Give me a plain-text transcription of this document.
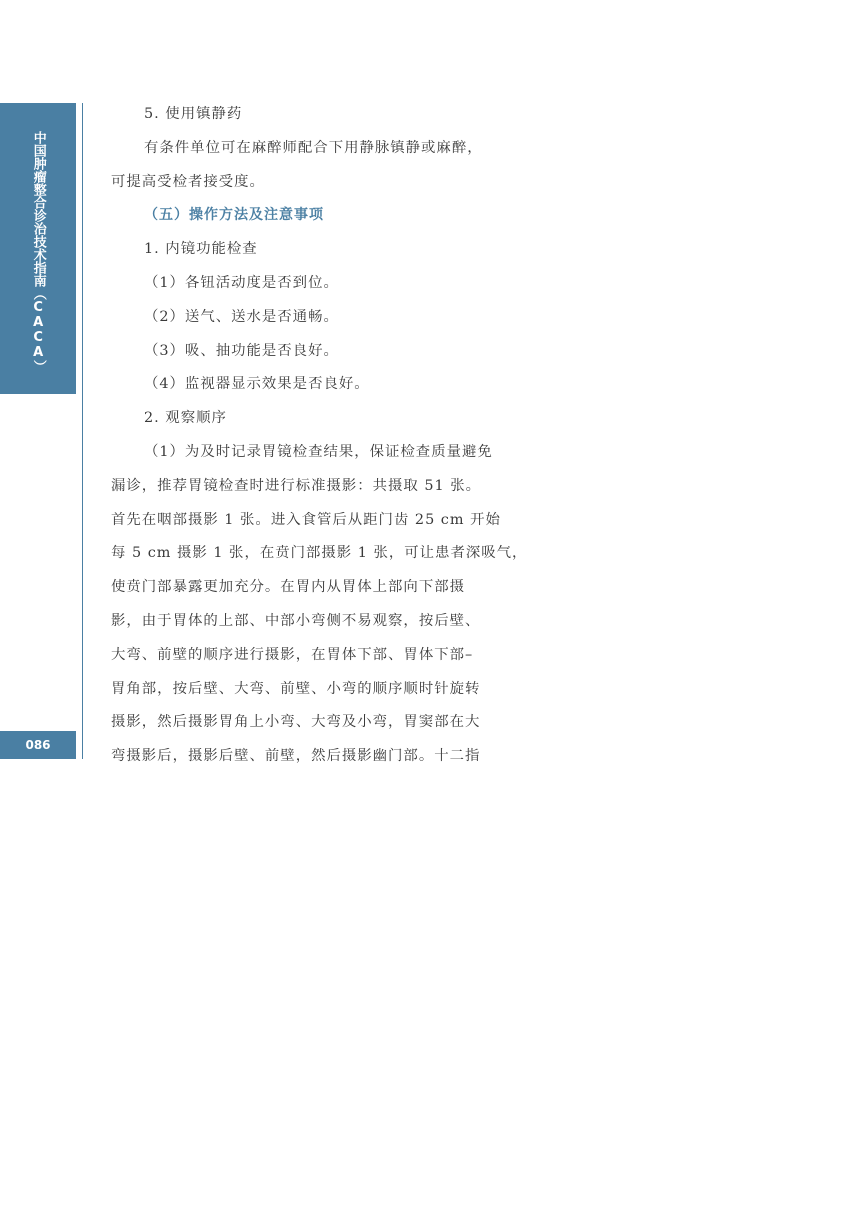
中国肿瘤整合诊治技术指南（CACA）
086

5. 使用镇静药

有条件单位可在麻醉师配合下用静脉镇静或麻醉，

可提高受检者接受度。

（五）操作方法及注意事项

1. 内镜功能检查

（1）各钮活动度是否到位。

（2）送气、送水是否通畅。

（3）吸、抽功能是否良好。

（4）监视器显示效果是否良好。

2. 观察顺序

（1）为及时记录胃镜检查结果，保证检查质量避免

漏诊，推荐胃镜检查时进行标准摄影：共摄取 51 张。

首先在咽部摄影 1 张。进入食管后从距门齿 25 cm 开始

每 5 cm 摄影 1 张，在贲门部摄影 1 张，可让患者深吸气，

使贲门部暴露更加充分。在胃内从胃体上部向下部摄

影，由于胃体的上部、中部小弯侧不易观察，按后壁、

大弯、前壁的顺序进行摄影，在胃体下部、胃体下部–

胃角部，按后壁、大弯、前壁、小弯的顺序顺时针旋转

摄影，然后摄影胃角上小弯、大弯及小弯，胃窦部在大

弯摄影后，摄影后壁、前壁，然后摄影幽门部。十二指
